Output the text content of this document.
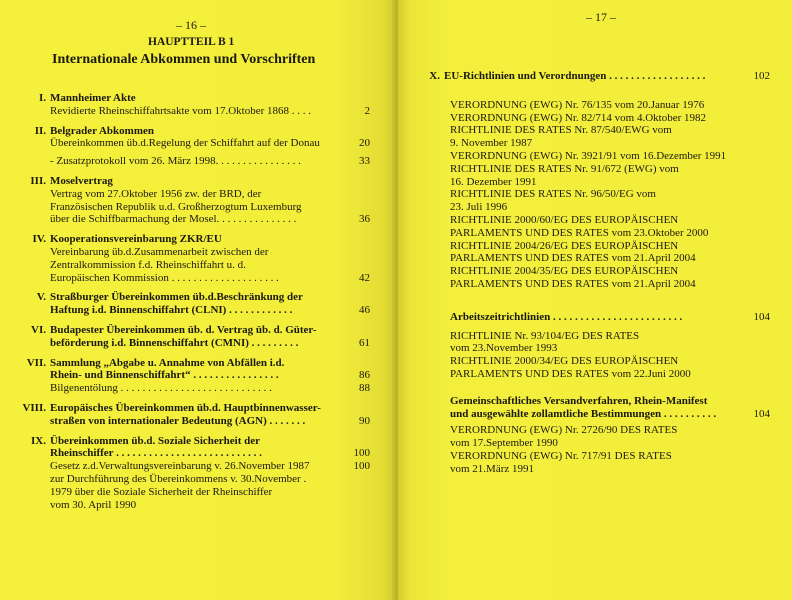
– 16 –
HAUPTTEIL B 1
Internationale Abkommen und Vorschriften
I. Mannheimer Akte
Revidierte Rheinschiffahrtsakte vom 17.Oktober 1868 . . . .	2
II. Belgrader Abkommen
Übereinkommen üb.d.Regelung der Schiffahrt auf der Donau	20
- Zusatzprotokoll vom 26. März 1998. . . . . . . . . . . . . . . .	33
III. Moselvertrag
Vertrag vom 27.Oktober 1956 zw. der BRD, der
Französischen Republik u.d. Großherzogtum Luxemburg
über die Schiffbarmachung der Mosel. . . . . . . . . . . . . . .	36
IV. Kooperationsvereinbarung ZKR/EU
Vereinbarung üb.d.Zusammenarbeit zwischen der
Zentralkommission f.d. Rheinschiffahrt u. d.
Europäischen Kommission . . . . . . . . . . . . . . . . . . . .	42
V. Straßburger Übereinkommen üb.d.Beschränkung der
Haftung i.d. Binnenschiffahrt (CLNI) . . . . . . . . . . . .	46
VI. Budapester Übereinkommen üb. d. Vertrag üb. d. Güter-
beförderung i.d. Binnenschiffahrt (CMNI) . . . . . . . . .	61
VII. Sammlung „Abgabe u. Annahme von Abfällen i.d.
Rhein- und Binnenschiffahrt“ . . . . . . . . . . . . . . . .	86
Bilgenentölung . . . . . . . . . . . . . . . . . . . . . . . . . . . .	88
VIII. Europäisches Übereinkommen üb.d. Hauptbinnenwasser-
straßen von internationaler Bedeutung (AGN) . . . . . . .	90
IX. Übereinkommen üb.d. Soziale Sicherheit der
Rheinschiffer . . . . . . . . . . . . . . . . . . . . . . . . . . .	100
Gesetz z.d.Verwaltungsvereinbarung v. 26.November 1987	100
zur Durchführung des Übereinkommens v. 30.November .
1979 über die Soziale Sicherheit der Rheinschiffer
vom 30. April 1990
– 17 –
X. EU-Richtlinien und Verordnungen . . . . . . . . . . . . . . . . . .	102
VERORDNUNG (EWG) Nr. 76/135 vom 20.Januar 1976
VERORDNUNG (EWG) Nr. 82/714 vom 4.Oktober 1982
RICHTLINIE DES RATES Nr. 87/540/EWG vom
9. November 1987
VERORDNUNG (EWG) Nr. 3921/91 vom 16.Dezember 1991
RICHTLINIE DES RATES Nr. 91/672 (EWG) vom
16. Dezember 1991
RICHTLINIE DES RATES Nr. 96/50/EG vom
23. Juli 1996
RICHTLINIE 2000/60/EG DES EUROPÄISCHEN
PARLAMENTS UND DES RATES vom 23.Oktober 2000
RICHTLINIE 2004/26/EG DES EUROPÄISCHEN
PARLAMENTS UND DES RATES vom 21.April 2004
RICHTLINIE 2004/35/EG DES EUROPÄISCHEN
PARLAMENTS UND DES RATES vom 21.April 2004
Arbeitszeitrichtlinien . . . . . . . . . . . . . . . . . . . . . . . .	104
RICHTLINIE Nr. 93/104/EG DES RATES
vom 23.November 1993
RICHTLINIE 2000/34/EG DES EUROPÄISCHEN
PARLAMENTS UND DES RATES vom 22.Juni 2000
Gemeinschaftliches Versandverfahren, Rhein-Manifest
und ausgewählte zollamtliche Bestimmungen . . . . . . . . . .	104
VERORDNUNG (EWG) Nr. 2726/90 DES RATES
vom 17.September 1990
VERORDNUNG (EWG) Nr. 717/91 DES RATES
vom 21.März 1991
